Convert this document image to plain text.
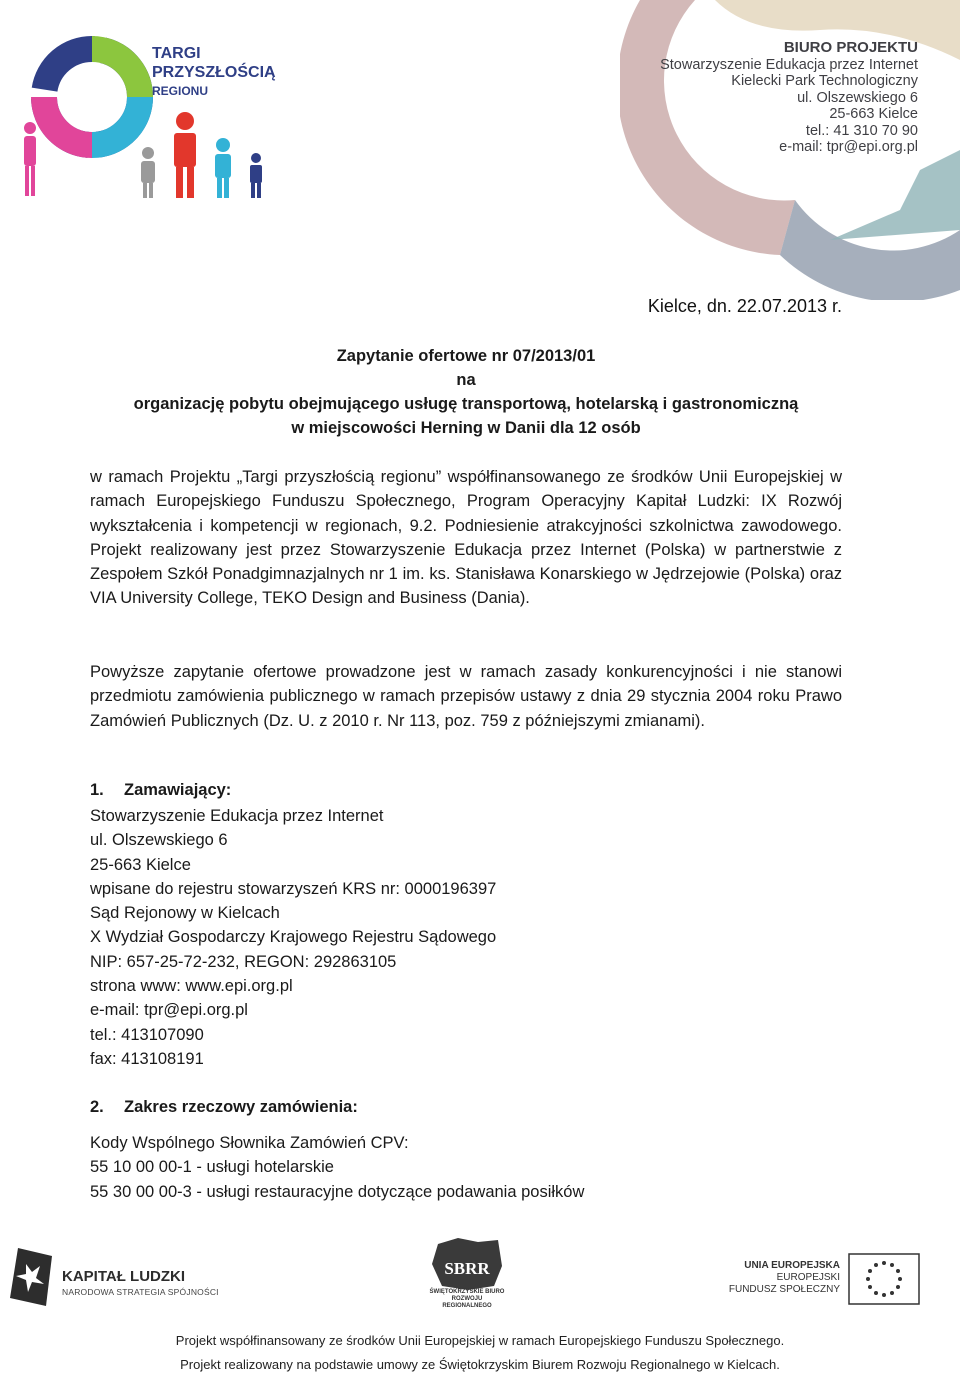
TARGI
PRZYSZŁOŚCIĄ
REGIONU
BIURO PROJEKTU
Stowarzyszenie Edukacja przez Internet
Kielecki Park Technologiczny
ul. Olszewskiego 6
25-663 Kielce
tel.: 41 310 70 90
e-mail: tpr@epi.org.pl
Kielce, dn. 22.07.2013 r.
Zapytanie ofertowe nr 07/2013/01
na
organizację pobytu obejmującego usługę transportową, hotelarską i gastronomiczną
w miejscowości Herning w Danii dla 12 osób
w ramach Projektu „Targi przyszłością regionu” współfinansowanego ze środków Unii Europejskiej w ramach Europejskiego Funduszu Społecznego, Program Operacyjny Kapitał Ludzki: IX Rozwój wykształcenia i kompetencji w regionach, 9.2. Podniesienie atrakcyjności szkolnictwa zawodowego. Projekt realizowany jest przez Stowarzyszenie Edukacja przez Internet (Polska) w partnerstwie z Zespołem Szkół Ponadgimnazjalnych nr 1 im. ks. Stanisława Konarskiego w Jędrzejowie (Polska) oraz VIA University College, TEKO Design and Business (Dania).
Powyższe zapytanie ofertowe prowadzone jest w ramach zasady konkurencyjności i nie stanowi przedmiotu zamówienia publicznego w ramach przepisów ustawy z dnia 29 stycznia 2004 roku Prawo Zamówień Publicznych (Dz. U. z 2010 r. Nr 113, poz. 759 z późniejszymi zmianami).
1. Zamawiający:
Stowarzyszenie Edukacja przez Internet
ul. Olszewskiego 6
25-663 Kielce
wpisane do rejestru stowarzyszeń KRS nr: 0000196397
Sąd Rejonowy w Kielcach
X Wydział Gospodarczy Krajowego Rejestru Sądowego
NIP: 657-25-72-232, REGON: 292863105
strona www: www.epi.org.pl
e-mail: tpr@epi.org.pl
tel.: 413107090
fax: 413108191
2. Zakres rzeczowy zamówienia:
Kody Wspólnego Słownika Zamówień CPV:
55 10 00 00-1 - usługi hotelarskie
55 30 00 00-3 - usługi restauracyjne dotyczące podawania posiłków
KAPITAŁ LUDZKI
NARODOWA STRATEGIA SPÓJNOŚCI
SBRR
ŚWIĘTOKRZYSKIE BIURO ROZWOJU REGIONALNEGO
UNIA EUROPEJSKA
EUROPEJSKI
FUNDUSZ SPOŁECZNY
Projekt współfinansowany ze środków Unii Europejskiej w ramach Europejskiego Funduszu Społecznego.
Projekt realizowany na podstawie umowy ze Świętokrzyskim Biurem Rozwoju Regionalnego w Kielcach.
